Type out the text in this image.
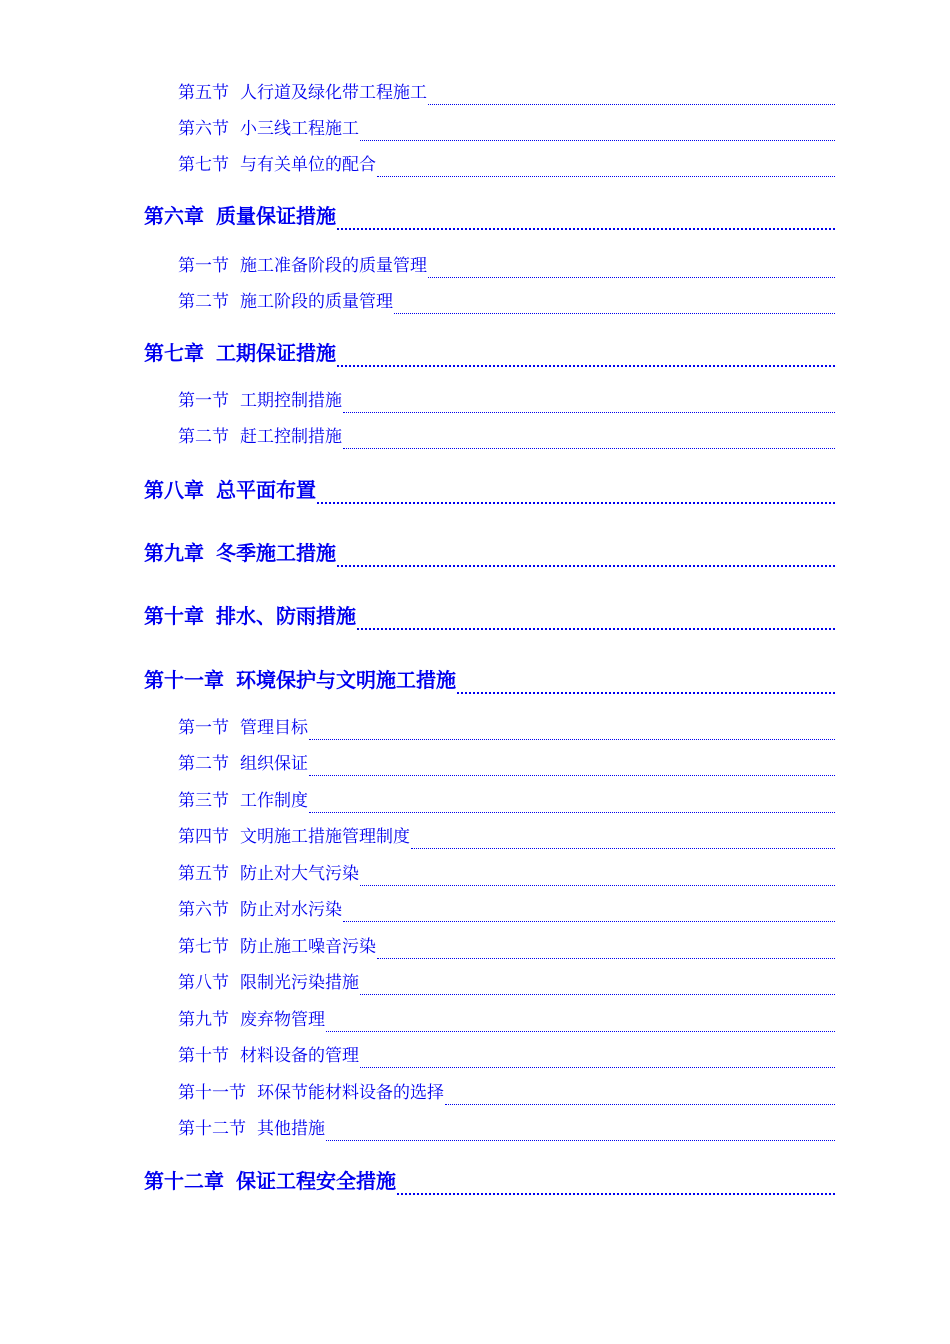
第五节 人行道及绿化带工程施工
第六节 小三线工程施工
第七节 与有关单位的配合
第六章 质量保证措施
第一节 施工准备阶段的质量管理
第二节 施工阶段的质量管理
第七章 工期保证措施
第一节 工期控制措施
第二节 赶工控制措施
第八章 总平面布置
第九章 冬季施工措施
第十章 排水、防雨措施
第十一章 环境保护与文明施工措施
第一节 管理目标
第二节 组织保证
第三节 工作制度
第四节 文明施工措施管理制度
第五节 防止对大气污染
第六节 防止对水污染
第七节 防止施工噪音污染
第八节 限制光污染措施
第九节 废弃物管理
第十节 材料设备的管理
第十一节 环保节能材料设备的选择
第十二节 其他措施
第十二章 保证工程安全措施
